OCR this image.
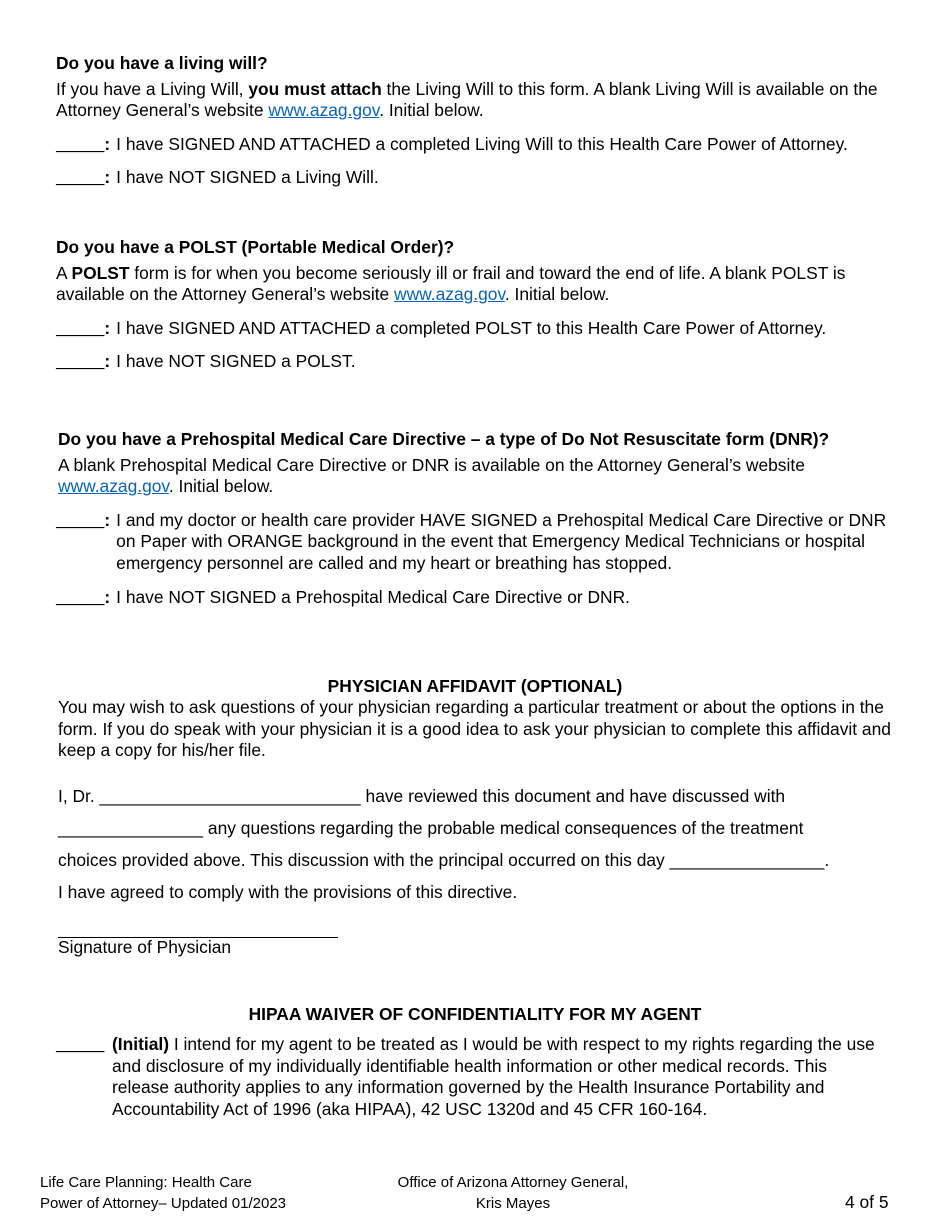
Do you have a living will?

If you have a Living Will, you must attach the Living Will to this form. A blank Living Will is available on the Attorney General’s website www.azag.gov. Initial below.

_____: I have SIGNED AND ATTACHED a completed Living Will to this Health Care Power of Attorney.
_____: I have NOT SIGNED a Living Will.

Do you have a POLST (Portable Medical Order)?

A POLST form is for when you become seriously ill or frail and toward the end of life. A blank POLST is available on the Attorney General’s website www.azag.gov. Initial below.

_____: I have SIGNED AND ATTACHED a completed POLST to this Health Care Power of Attorney.
_____: I have NOT SIGNED a POLST.

Do you have a Prehospital Medical Care Directive – a type of Do Not Resuscitate form (DNR)?

A blank Prehospital Medical Care Directive or DNR is available on the Attorney General’s website www.azag.gov. Initial below.

_____: I and my doctor or health care provider HAVE SIGNED a Prehospital Medical Care Directive or DNR on Paper with ORANGE background in the event that Emergency Medical Technicians or hospital emergency personnel are called and my heart or breathing has stopped.
_____: I have NOT SIGNED a Prehospital Medical Care Directive or DNR.
PHYSICIAN AFFIDAVIT (OPTIONAL)

You may wish to ask questions of your physician regarding a particular treatment or about the options in the form. If you do speak with your physician it is a good idea to ask your physician to complete this affidavit and keep a copy for his/her file.

I, Dr. ___________________________ have reviewed this document and have discussed with
_______________ any questions regarding the probable medical consequences of the treatment
choices provided above. This discussion with the principal occurred on this day ________________.
I have agreed to comply with the provisions of this directive.
Signature of Physician
HIPAA WAIVER OF CONFIDENTIALITY FOR MY AGENT
_____ (Initial) I intend for my agent to be treated as I would be with respect to my rights regarding the use and disclosure of my individually identifiable health information or other medical records. This release authority applies to any information governed by the Health Insurance Portability and Accountability Act of 1996 (aka HIPAA), 42 USC 1320d and 45 CFR 160-164.
Life Care Planning: Health Care
Power of Attorney– Updated 01/2023
Office of Arizona Attorney General,
Kris Mayes	4 of 5
